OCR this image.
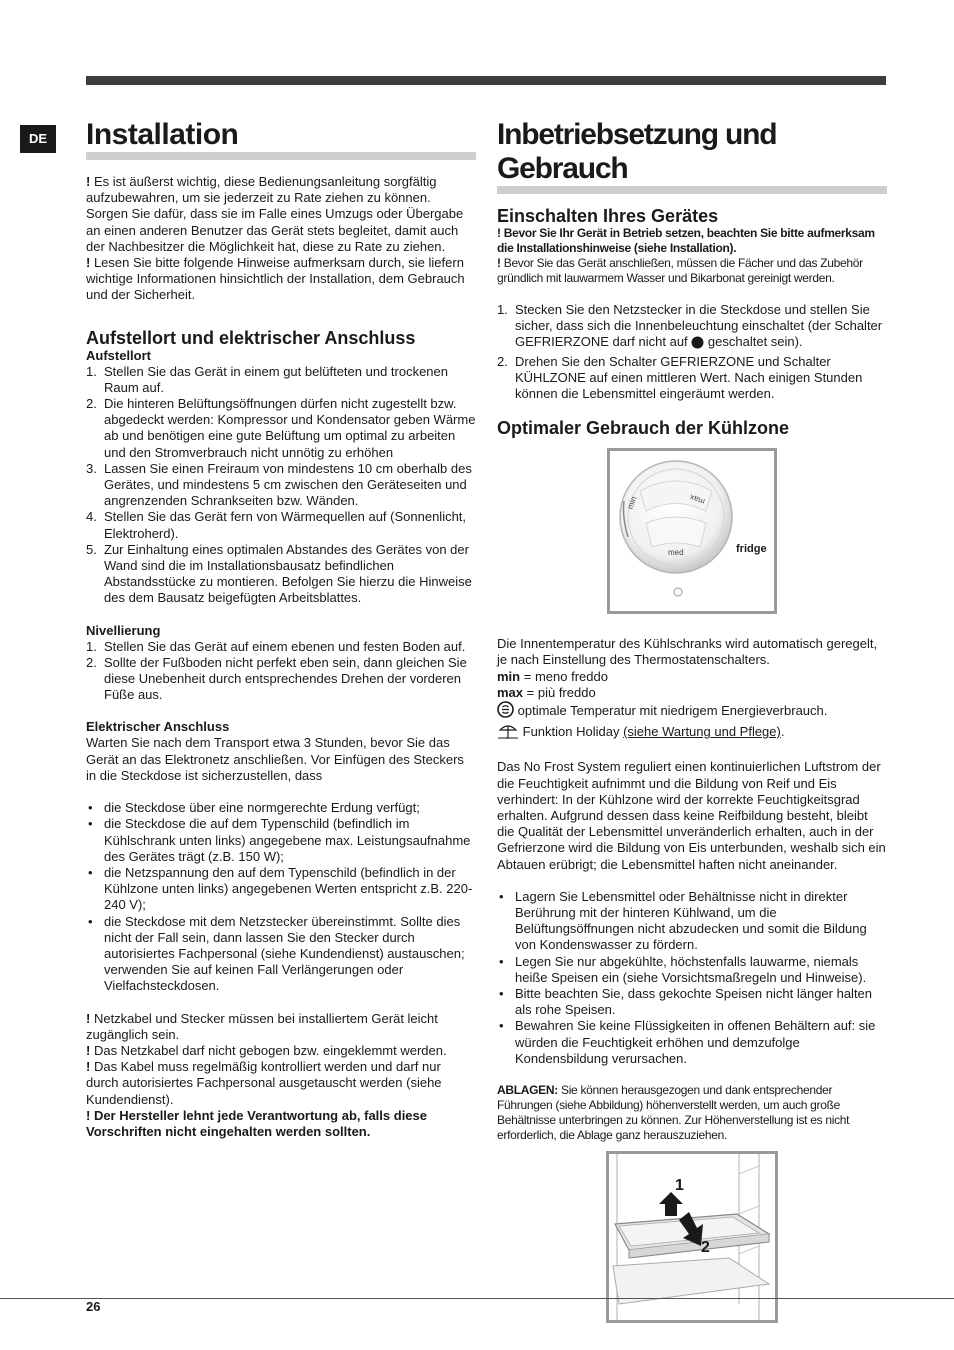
DE Installation

! Es ist äußerst wichtig, diese Bedienungsanleitung sorgfältig aufzubewahren, um sie jederzeit zu Rate ziehen zu können. Sorgen Sie dafür, dass sie im Falle eines Umzugs oder Übergabe an einen anderen Benutzer das Gerät stets begleitet, damit auch der Nachbesitzer die Möglichkeit hat, diese zu Rate zu ziehen.

! Lesen Sie bitte folgende Hinweise aufmerksam durch, sie liefern wichtige Informationen hinsichtlich der Installation, dem Gebrauch und der Sicherheit.

Aufstellort und elektrischer Anschluss
Aufstellort
1. Stellen Sie das Gerät in einem gut belüfteten und trockenen Raum auf.
2. Die hinteren Belüftungsöffnungen dürfen nicht zugestellt bzw. abgedeckt werden: Kompressor und Kondensator geben Wärme ab und benötigen eine gute Belüftung um optimal zu arbeiten und den Stromverbrauch nicht unnötig zu erhöhen
3. Lassen Sie einen Freiraum von mindestens 10 cm oberhalb des Gerätes, und mindestens 5 cm zwischen den Geräteseiten und angrenzenden Schrankseiten bzw. Wänden.
4. Stellen Sie das Gerät fern von Wärmequellen auf (Sonnenlicht, Elektroherd).
5. Zur Einhaltung eines optimalen Abstandes des Gerätes von der Wand sind die im Installationsbausatz befindlichen Abstandsstücke zu montieren. Befolgen Sie hierzu die Hinweise des dem Bausatz beigefügten Arbeitsblattes.
Nivellierung
1. Stellen Sie das Gerät auf einem ebenen und festen Boden auf.
2. Sollte der Fußboden nicht perfekt eben sein, dann gleichen Sie diese Unebenheit durch entsprechendes Drehen der vorderen Füße aus.
Elektrischer Anschluss

Warten Sie nach dem Transport etwa 3 Stunden, bevor Sie das Gerät an das Elektronetz anschließen. Vor Einfügen des Steckers in die Steckdose ist sicherzustellen, dass

• die Steckdose über eine normgerechte Erdung verfügt;
• die Steckdose die auf dem Typenschild (befindlich im Kühlschrank unten links) angegebene max. Leistungsaufnahme des Gerätes trägt (z.B. 150 W);
• die Netzspannung den auf dem Typenschild (befindlich in der Kühlzone unten links) angegebenen Werten entspricht z.B. 220-240 V);
• die Steckdose mit dem Netzstecker übereinstimmt. Sollte dies nicht der Fall sein, dann lassen Sie den Stecker durch autorisiertes Fachpersonal (siehe Kundendienst) austauschen; verwenden Sie auf keinen Fall Verlängerungen oder Vielfachsteckdosen.

! Netzkabel und Stecker müssen bei installiertem Gerät leicht zugänglich sein.

! Das Netzkabel darf nicht gebogen bzw. eingeklemmt werden.

! Das Kabel muss regelmäßig kontrolliert werden und darf nur durch autorisiertes Fachpersonal ausgetauscht werden (siehe Kundendienst).

! Der Hersteller lehnt jede Verantwortung ab, falls diese Vorschriften nicht eingehalten werden sollten.

Inbetriebsetzung und Gebrauch
Einschalten Ihres Gerätes

! Bevor Sie Ihr Gerät in Betrieb setzen, beachten Sie bitte aufmerksam die Installationshinweise (siehe Installation).

! Bevor Sie das Gerät anschließen, müssen die Fächer und das Zubehör gründlich mit lauwarmem Wasser und Bikarbonat gereinigt werden.

1. Stecken Sie den Netzstecker in die Steckdose und stellen Sie sicher, dass sich die Innenbeleuchtung einschaltet (der Schalter GEFRIERZONE darf nicht auf geschaltet sein).
2. Drehen Sie den Schalter GEFRIERZONE und Schalter KÜHLZONE auf einen mittleren Wert. Nach einigen Stunden können die Lebensmittel eingeräumt werden.
Optimaler Gebrauch der Kühlzone
min	max
med	fridge

Die Innentemperatur des Kühlschranks wird automatisch geregelt, je nach Einstellung des Thermostatenschalters.

min = meno freddo

max = più freddo

optimale Temperatur mit niedrigem Energieverbrauch.

Funktion Holiday (siehe Wartung und Pflege).

Das No Frost System reguliert einen kontinuierlichen Luftstrom der die Feuchtigkeit aufnimmt und die Bildung von Reif und Eis verhindert: In der Kühlzone wird der korrekte Feuchtigkeitsgrad erhalten. Aufgrund dessen dass keine Reifbildung besteht, bleibt die Qualität der Lebensmittel unveränderlich erhalten, auch in der Gefrierzone wird die Bildung von Eis unterbunden, weshalb sich ein Abtauen erübrigt; die Lebensmittel haften nicht aneinander.

• Lagern Sie Lebensmittel oder Behältnisse nicht in direkter Berührung mit der hinteren Kühlwand, um die Belüftungsöffnungen nicht abzudecken und somit die Bildung von Kondenswasser zu fördern.
• Legen Sie nur abgekühlte, höchstenfalls lauwarme, niemals heiße Speisen ein (siehe Vorsichtsmaßregeln und Hinweise).
• Bitte beachten Sie, dass gekochte Speisen nicht länger halten als rohe Speisen.
• Bewahren Sie keine Flüssigkeiten in offenen Behältern auf: sie würden die Feuchtigkeit erhöhen und demzufolge Kondensbildung verursachen.

ABLAGEN: Sie können herausgezogen und dank entsprechender Führungen (siehe Abbildung) höhenverstellt werden, um auch große Behältnisse unterbringen zu können. Zur Höhenverstellung ist es nicht erforderlich, die Ablage ganz herauszuziehen.

1
2
26
